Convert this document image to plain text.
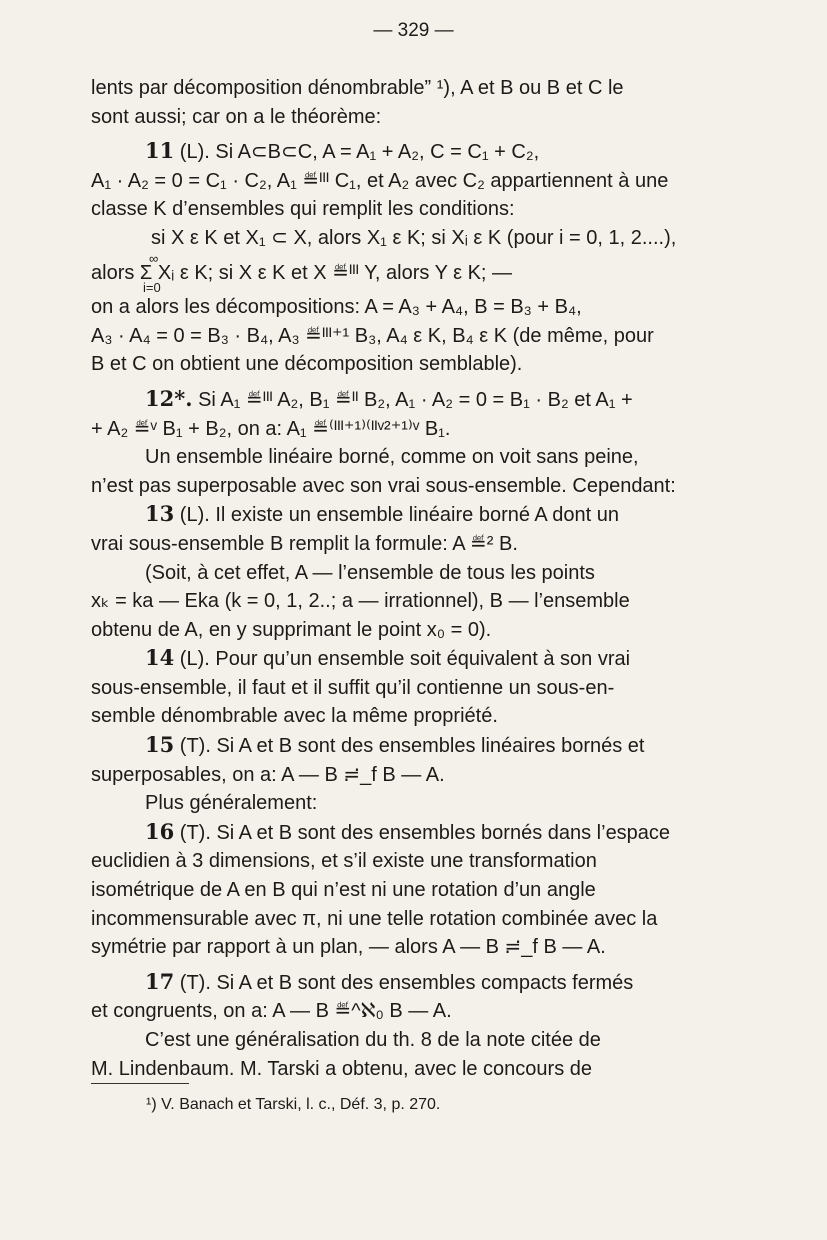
— 329 —

lents par décomposition dénombrable” ¹), A et B ou B et C le

sont aussi; car on a le théorème:

11 (L). Si A⊂B⊂C, A = A₁ + A₂, C = C₁ + C₂,

A₁ · A₂ = 0 = C₁ · C₂, A₁ ≝ᴵᴵᴵ C₁, et A₂ avec C₂ appartiennent à une

classe K d’ensembles qui remplit les conditions:

si X ε K et X₁ ⊂ X, alors X₁ ε K; si Xᵢ ε K (pour i = 0, 1, 2....),

∞
alors Σ Xᵢ ε K; si X ε K et X ≝ᴵᴵᴵ Y, alors Y ε K; —
i=0

on a alors les décompositions: A = A₃ + A₄, B = B₃ + B₄,

A₃ · A₄ = 0 = B₃ · B₄, A₃ ≝ᴵᴵᴵ⁺¹ B₃, A₄ ε K, B₄ ε K (de même, pour

B et C on obtient une décomposition semblable).

12*. Si A₁ ≝ᴵᴵᴵ A₂, B₁ ≝ᴵᴵ B₂, A₁ · A₂ = 0 = B₁ · B₂ et A₁ +

+ A₂ ≝ᵛ B₁ + B₂, on a: A₁ ≝⁽ᴵᴵᴵ⁺¹⁾⁽ᴵᴵᵛ²⁺¹⁾ᵛ B₁.

Un ensemble linéaire borné, comme on voit sans peine,

n’est pas superposable avec son vrai sous-ensemble. Cependant:

13 (L). Il existe un ensemble linéaire borné A dont un

vrai sous-ensemble B remplit la formule: A ≝² B.

(Soit, à cet effet, A — l’ensemble de tous les points

xₖ = ka — Eka (k = 0, 1, 2..; a — irrationnel), B — l’ensemble

obtenu de A, en y supprimant le point x₀ = 0).

14 (L). Pour qu’un ensemble soit équivalent à son vrai

sous-ensemble, il faut et il suffit qu’il contienne un sous-en-

semble dénombrable avec la même propriété.

15 (T). Si A et B sont des ensembles linéaires bornés et

superposables, on a: A — B ≓_f B — A.

Plus généralement:

16 (T). Si A et B sont des ensembles bornés dans l’espace

euclidien à 3 dimensions, et s’il existe une transformation

isométrique de A en B qui n’est ni une rotation d’un angle

incommensurable avec π, ni une telle rotation combinée avec la

symétrie par rapport à un plan, — alors A — B ≓_f B — A.

17 (T). Si A et B sont des ensembles compacts fermés

et congruents, on a: A — B ≝^ℵ₀ B — A.

C’est une généralisation du th. 8 de la note citée de

M. Lindenbaum. M. Tarski a obtenu, avec le concours de

¹) V. Banach et Tarski, l. c., Déf. 3, p. 270.
